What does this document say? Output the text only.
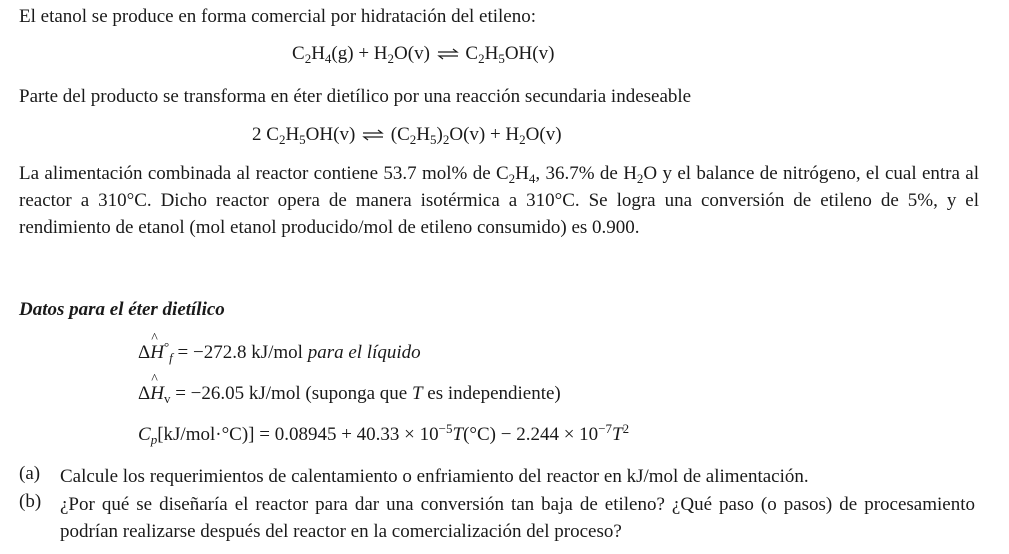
El etanol se produce en forma comercial por hidratación del etileno:
$C_2H_4(g) + H_2O(v)$ ⇌ $C_2H_5OH(v)$
Parte del producto se transforma en éter dietílico por una reacción secundaria indeseable
2 $C_2H_5OH(v)$ ⇌ $(C_2H_5)_2O(v) + H_2O(v)$
La alimentación combinada al reactor contiene 53.7 mol% de $C_2H_4$, 36.7% de $H_2O$ y el balance de nitrógeno, el cual entra al reactor a 310°C. Dicho reactor opera de manera isotérmica a 310°C. Se logra una conversión de etileno de 5%, y el rendimiento de etanol (mol etanol producido/mol de etileno consumido) es 0.900.
Datos para el éter dietílico
Δ^ $H^\circ_f = -272.8$ kJ/mol para el líquido
Δ^ $H_v = -26.05$ kJ/mol (suponga que T es independiente)
$C_p[kJ/mol\cdot^\circ C)] = 0.08945 + 40.33 \times 10^{-5}T(^\circ C) - 2.244 \times 10^{-7}T^2$
(a)	Calcule los requerimientos de calentamiento o enfriamiento del reactor en kJ/mol de alimentación.
(b) ¿Por qué se diseñaría el reactor para dar una conversión tan baja de etileno? ¿Qué paso (o pasos) de procesamiento podrían realizarse después del reactor en la comercialización del proceso?
